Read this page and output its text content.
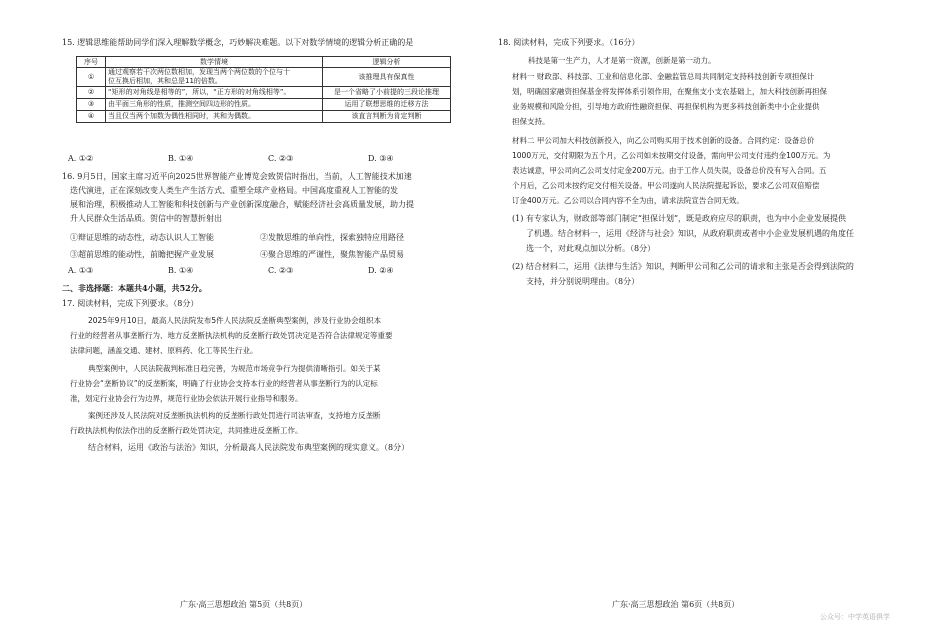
15. 逻辑思维能帮助同学们深入理解数学概念，巧妙解决难题。以下对数学情境的逻辑分析正确的是
序号	数学情境	逻辑分析
①	通过观察若干次两位数相加，发现当两个两位数的个位与十
位互换后相加，其和总是11的倍数。	该推理具有保真性
②	“矩形的对角线是相等的”，所以，“正方形的对角线相等”。	是一个省略了小前提的三段论推理
③	由平面三角形的性质，推测空间四边形的性质。	运用了联想思维的迁移方法
④	当且仅当两个加数为偶性相同时，其和为偶数。	该直言判断为肯定判断
A. ①②	B. ①④	C. ②③	D. ③④
16. 9月5日，国家主席习近平向2025世界智能产业博览会致贺信时指出，当前，人工智能技术加速
迭代演进，正在深刻改变人类生产生活方式、重塑全球产业格局。中国高度重视人工智能的发
展和治理，积极推动人工智能和科技创新与产业创新深度融合，赋能经济社会高质量发展，助力提
升人民群众生活品质。贺信中的智慧折射出
①辩证思维的动态性，动态认识人工智能	②发散思维的单向性，探索独特应用路径
③超前思维的能动性，前瞻把握产业发展	④聚合思维的严谨性，聚焦智能产品贸易
A. ①③	B. ①④	C. ②③	D. ②④
二、非选择题：本题共4小题，共52分。
17. 阅读材料，完成下列要求。（8分）
2025年9月10日，最高人民法院发布5件人民法院反垄断典型案例，涉及行业协会组织本
行业的经营者从事垄断行为、地方反垄断执法机构的反垄断行政处罚决定是否符合法律规定等重要
法律问题，涵盖交通、建材、原料药、化工等民生行业。
典型案例中，人民法院裁判标准日趋完善，为规范市场竞争行为提供清晰指引。如关于某
行业协会“垄断协议”的反垄断案，明确了行业协会支持本行业的经营者从事垄断行为的认定标
准，划定行业协会行为边界，规范行业协会依法开展行业指导和服务。
案例还涉及人民法院对反垄断执法机构的反垄断行政处罚进行司法审查，支持地方反垄断
行政执法机构依法作出的反垄断行政处罚决定，共同推进反垄断工作。
结合材料，运用《政治与法治》知识，分析最高人民法院发布典型案例的现实意义。（8分）
广东·高三思想政治 第5页（共8页）
18. 阅读材料，完成下列要求。（16分）
科技是第一生产力，人才是第一资源，创新是第一动力。
材料一 财政部、科技部、工业和信息化部、金融监管总局共同制定支持科技创新专项担保计
划，明确国家融资担保基金将发挥体系引领作用，在聚焦支小支农基础上，加大科技创新再担保
业务规模和风险分担，引导地方政府性融资担保、再担保机构为更多科技创新类中小企业提供
担保支持。
材料二 甲公司加大科技创新投入，向乙公司购买用于技术创新的设备。合同约定：设备总价
1000万元，交付期限为五个月，乙公司如未按期交付设备，需向甲公司支付违约金100万元。为
表达诚意，甲公司向乙公司支付定金200万元。由于工作人员失误，设备总价没有写入合同。五
个月后，乙公司未按约定交付相关设备。甲公司遂向人民法院提起诉讼，要求乙公司双倍赔偿
订金400万元。乙公司以合同内容不全为由，请求法院宣告合同无效。
(1) 有专家认为，财政部等部门制定“担保计划”，既是政府应尽的职责，也为中小企业发展提供
了机遇。结合材料一，运用《经济与社会》知识，从政府职责或者中小企业发展机遇的角度任
选一个，对此观点加以分析。（8分）
(2) 结合材料二，运用《法律与生活》知识，判断甲公司和乙公司的请求和主张是否会得到法院的
支持，并分别说明理由。（8分）
广东·高三思想政治 第6页（共8页）
公众号：中学英语俱学
